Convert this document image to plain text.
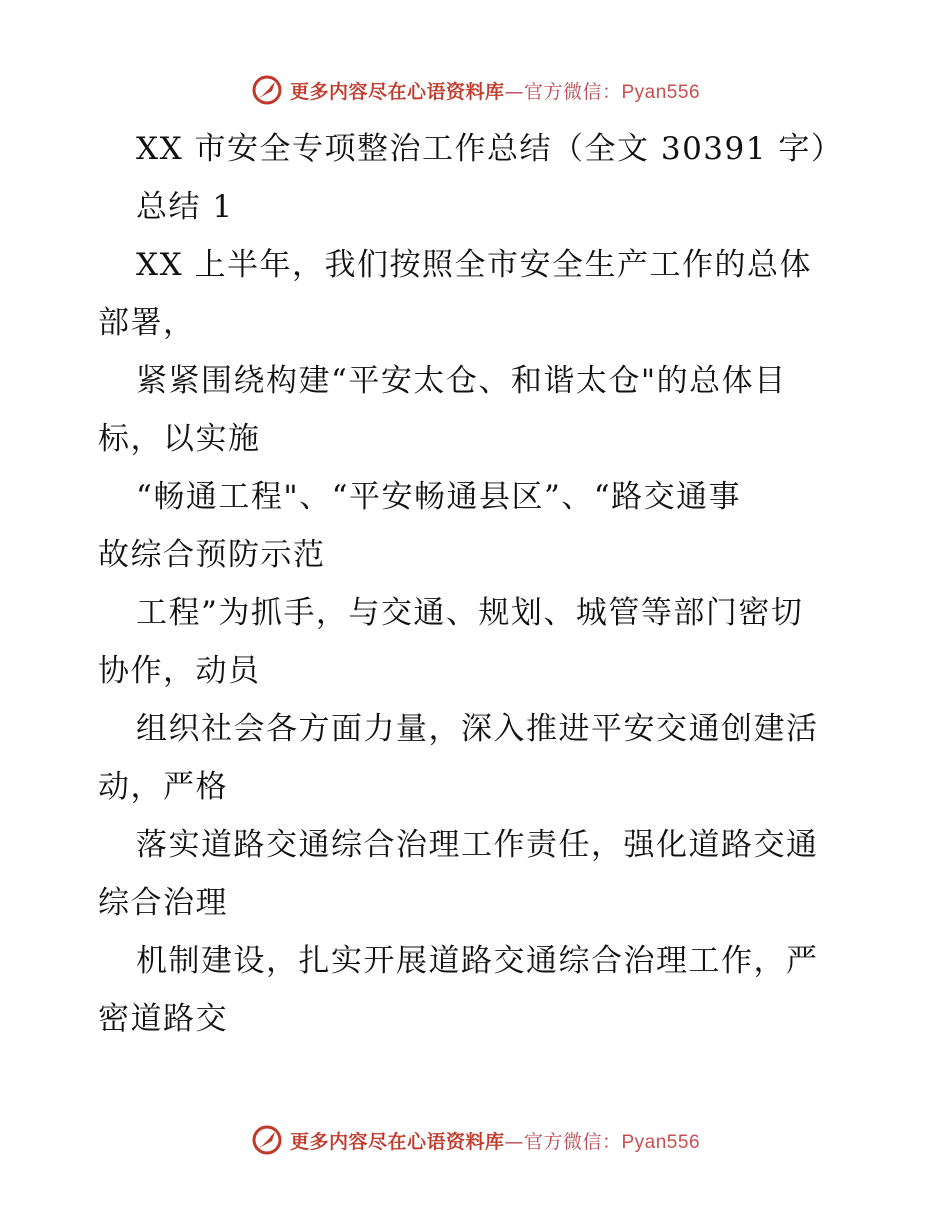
更多内容尽在心语资料库—官方微信：Pyan556
XX 市安全专项整治工作总结（全文 30391 字）
总结 1
XX 上半年，我们按照全市安全生产工作的总体
部署，
紧紧围绕构建“平安太仓、和谐太仓"的总体目
标，以实施
“畅通工程"、“平安畅通县区”、“路交通事
故综合预防示范
工程”为抓手，与交通、规划、城管等部门密切
协作，动员
组织社会各方面力量，深入推进平安交通创建活
动，严格
落实道路交通综合治理工作责任，强化道路交通
综合治理
机制建设，扎实开展道路交通综合治理工作，严
密道路交
更多内容尽在心语资料库—官方微信：Pyan556
